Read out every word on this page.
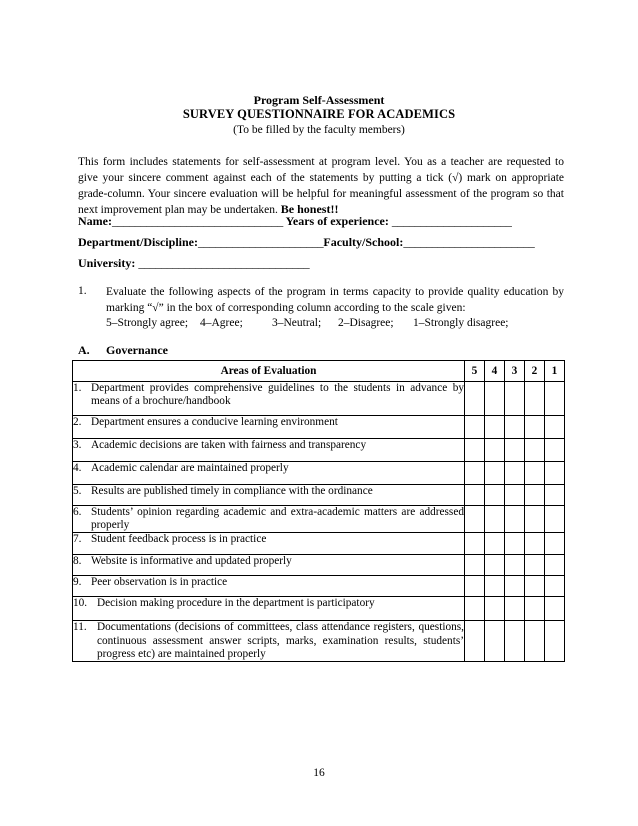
Program Self-Assessment
SURVEY QUESTIONNAIRE FOR ACADEMICS
(To be filled by the faculty members)
This form includes statements for self-assessment at program level. You as a teacher are requested to give your sincere comment against each of the statements by putting a tick (√) mark on appropriate grade-column. Your sincere evaluation will be helpful for meaningful assessment of the program so that next improvement plan may be undertaken. Be honest!!
Name:______________________________ Years of experience: _____________________
Department/Discipline:______________________Faculty/School:_______________________
University: ______________________________
1. Evaluate the following aspects of the program in terms capacity to provide quality education by marking “√” in the box of corresponding column according to the scale given:
5–Strongly agree; 4–Agree;	3–Neutral; 2–Disagree; 1–Strongly disagree;
A. Governance
Areas of Evaluation	5	4	3	2	1

1. Department provides comprehensive guidelines to the students in advance by means of a brochure/handbook					

2. Department ensures a conducive learning environment					

3. Academic decisions are taken with fairness and transparency					

4. Academic calendar are maintained properly					

5. Results are published timely in compliance with the ordinance					

6. Students’ opinion regarding academic and extra-academic matters are addressed properly					

7. Student feedback process is in practice					

8. Website is informative and updated properly					

9. Peer observation is in practice					

10. Decision making procedure in the department is participatory					

11. Documentations (decisions of committees, class attendance registers, questions, continuous assessment answer scripts, marks, examination results, students’ progress etc) are maintained properly					

16
